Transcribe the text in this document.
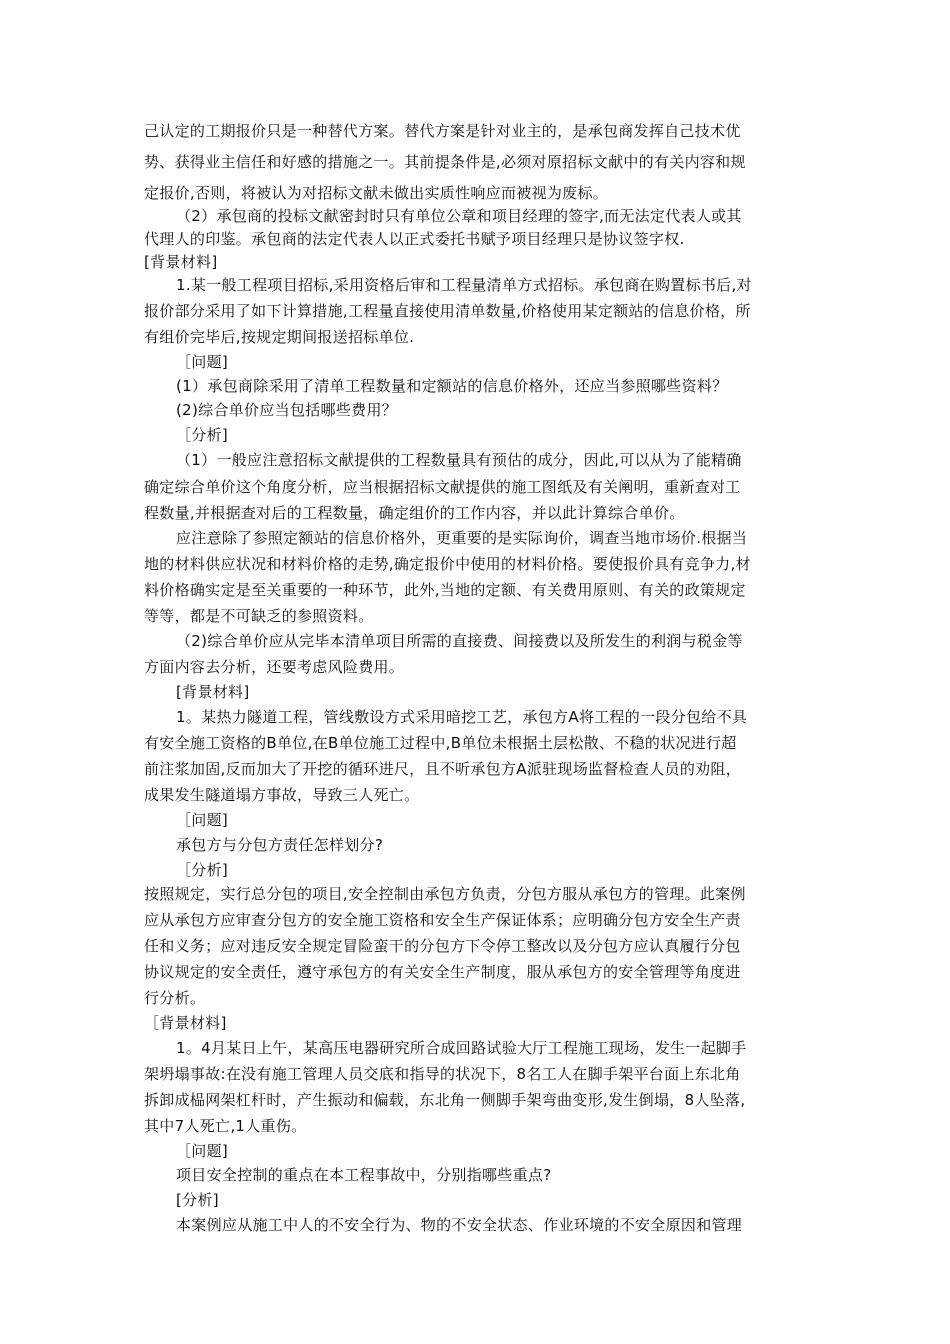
己认定的工期报价只是一种替代方案。替代方案是针对业主的，是承包商发挥自己技术优
势、获得业主信任和好感的措施之一。其前提条件是,必须对原招标文献中的有关内容和规
定报价,否则，将被认为对招标文献未做出实质性响应而被视为废标。
（2）承包商的投标文献密封时只有单位公章和项目经理的签字,而无法定代表人或其
代理人的印鉴。承包商的法定代表人以正式委托书赋予项目经理只是协议签字权.
[背景材料]
1.某一般工程项目招标,采用资格后审和工程量清单方式招标。承包商在购置标书后,对
报价部分采用了如下计算措施,工程量直接使用清单数量,价格使用某定额站的信息价格，所
有组价完毕后,按规定期间报送招标单位.
［问题]
(1）承包商除采用了清单工程数量和定额站的信息价格外，还应当参照哪些资料？
(2)综合单价应当包括哪些费用？
［分析]
（1）一般应注意招标文献提供的工程数量具有预估的成分，因此,可以从为了能精确
确定综合单价这个角度分析，应当根据招标文献提供的施工图纸及有关阐明，重新查对工
程数量,并根据查对后的工程数量，确定组价的工作内容，并以此计算综合单价。
应注意除了参照定额站的信息价格外，更重要的是实际询价，调查当地市场价.根据当
地的材料供应状况和材料价格的走势,确定报价中使用的材料价格。要使报价具有竞争力,材
料价格确实定是至关重要的一种环节，此外,当地的定额、有关费用原则、有关的政策规定
等等，都是不可缺乏的参照资料。
（2)综合单价应从完毕本清单项目所需的直接费、间接费以及所发生的利润与税金等
方面内容去分析，还要考虑风险费用。
[背景材料]
1。某热力隧道工程，管线敷设方式采用暗挖工艺，承包方A将工程的一段分包给不具
有安全施工资格的B单位,在B单位施工过程中,B单位未根据土层松散、不稳的状况进行超
前注浆加固,反而加大了开挖的循环进尺，且不听承包方A派驻现场监督检查人员的劝阻，
成果发生隧道塌方事故，导致三人死亡。
［问题]
承包方与分包方责任怎样划分?
［分析]
按照规定，实行总分包的项目,安全控制由承包方负责，分包方服从承包方的管理。此案例
应从承包方应审查分包方的安全施工资格和安全生产保证体系；应明确分包方安全生产责
任和义务；应对违反安全规定冒险蛮干的分包方下令停工整改以及分包方应认真履行分包
协议规定的安全责任，遵守承包方的有关安全生产制度，服从承包方的安全管理等角度进
行分析。
［背景材料]
1。4月某日上午，某高压电器研究所合成回路试验大厅工程施工现场，发生一起脚手
架坍塌事故:在没有施工管理人员交底和指导的状况下，8名工人在脚手架平台面上东北角
拆卸成榀网架杠杆时，产生振动和偏载，东北角一侧脚手架弯曲变形,发生倒塌，8人坠落,
其中7人死亡,1人重伤。
［问题]
项目安全控制的重点在本工程事故中，分别指哪些重点?
[分析]
本案例应从施工中人的不安全行为、物的不安全状态、作业环境的不安全原因和管理
